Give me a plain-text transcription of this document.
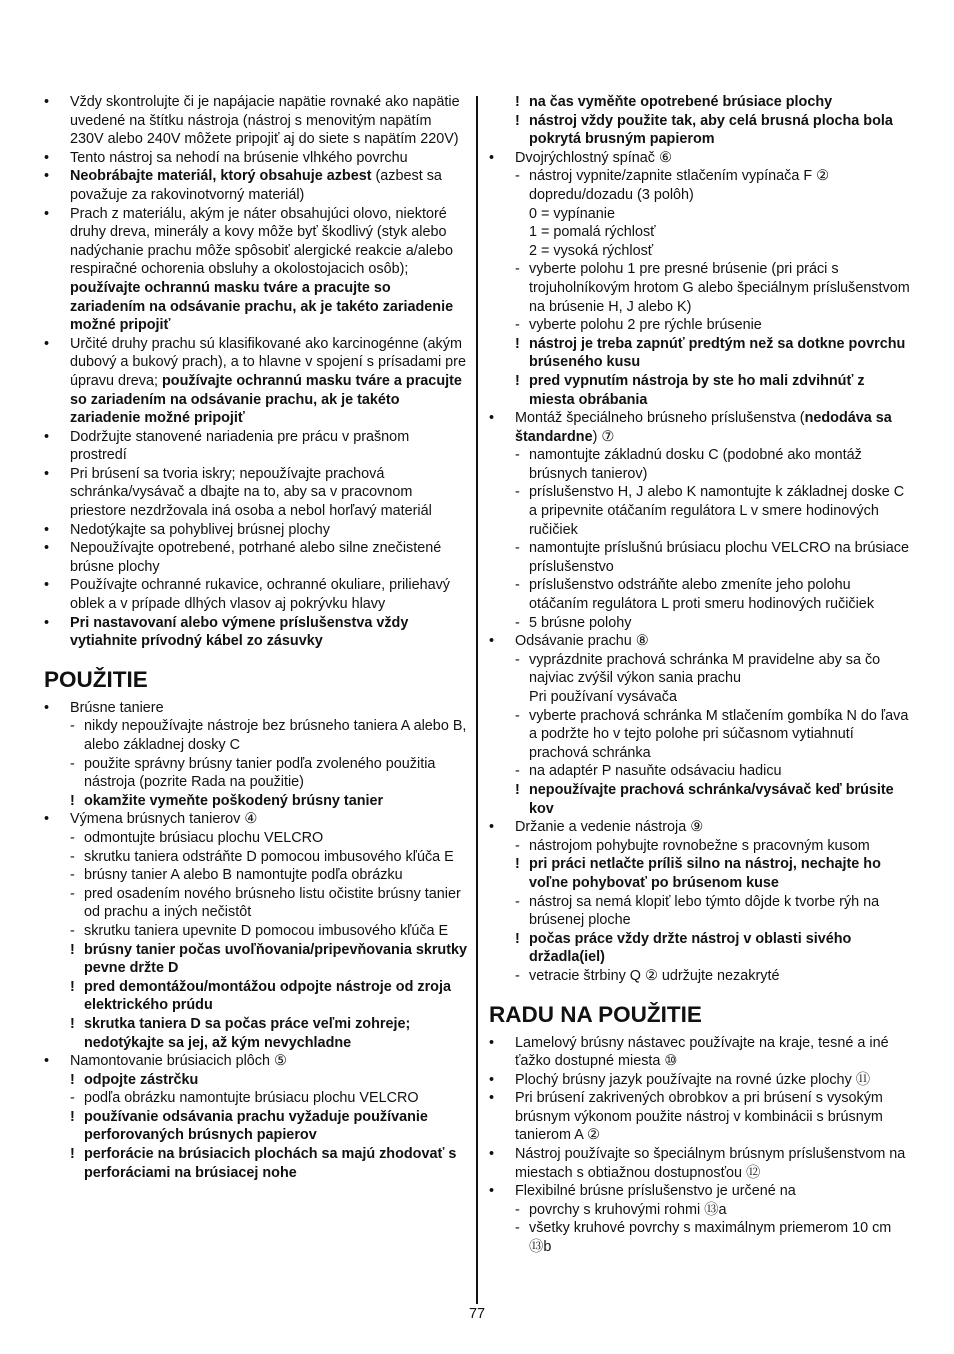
• Vždy skontrolujte či je napájacie napätie rovnaké ako napätie uvedené na štítku nástroja (nástroj s menovitým napätím 230V alebo 240V môžete pripojiť aj do siete s napätím 220V)
• Tento nástroj sa nehodí na brúsenie vlhkého povrchu
• Neobrábajte materiál, ktorý obsahuje azbest (azbest sa považuje za rakovinotvorný materiál)
• Prach z materiálu, akým je náter obsahujúci olovo, niektoré druhy dreva, minerály a kovy môže byť škodlivý (styk alebo nadýchanie prachu môže spôsobiť alergické reakcie a/alebo respiračné ochorenia obsluhy a okolostojacich osôb); používajte ochrannú masku tváre a pracujte so zariadením na odsávanie prachu, ak je takéto zariadenie možné pripojiť
• Určité druhy prachu sú klasifikované ako karcinogénne (akým dubový a bukový prach), a to hlavne v spojení s prísadami pre úpravu dreva; používajte ochrannú masku tváre a pracujte so zariadením na odsávanie prachu, ak je takéto zariadenie možné pripojiť
• Dodržujte stanovené nariadenia pre prácu v prašnom prostredí
• Pri brúsení sa tvoria iskry; nepoužívajte prachová schránka/vysávač a dbajte na to, aby sa v pracovnom priestore nezdržovala iná osoba a nebol horľavý materiál
• Nedotýkajte sa pohyblivej brúsnej plochy
• Nepoužívajte opotrebené, potrhané alebo silne znečistené brúsne plochy
• Používajte ochranné rukavice, ochranné okuliare, priliehavý oblek a v prípade dlhých vlasov aj pokrývku hlavy
• Pri nastavovaní alebo výmene príslušenstva vždy vytiahnite prívodný kábel zo zásuvky
POUŽITIE
• Brúsne taniere
- nikdy nepoužívajte nástroje bez brúsneho taniera A alebo B, alebo základnej dosky C
- použite správny brúsny tanier podľa zvoleného použitia nástroja (pozrite Rada na použitie)
! okamžite vymeňte poškodený brúsny tanier
• Výmena brúsnych tanierov ④
- odmontujte brúsiacu plochu VELCRO
- skrutku taniera odstráňte D pomocou imbusového kľúča E
- brúsny tanier A alebo B namontujte podľa obrázku
- pred osadením nového brúsneho listu očistite brúsny tanier od prachu a iných nečistôt
- skrutku taniera upevnite D pomocou imbusového kľúča E
! brúsny tanier počas uvoľňovania/pripevňovania skrutky pevne držte D
! pred demontážou/montážou odpojte nástroje od zroja elektrického prúdu
! skrutka taniera D sa počas práce veľmi zohreje; nedotýkajte sa jej, až kým nevychladne
• Namontovanie brúsiacich plôch ⑤
! odpojte zástrčku
- podľa obrázku namontujte brúsiacu plochu VELCRO
! používanie odsávania prachu vyžaduje používanie perforovaných brúsnych papierov
! perforácie na brúsiacich plochách sa majú zhodovať s perforáciami na brúsiacej nohe
! na čas vyměňte opotrebené brúsiace plochy
! nástroj vždy použite tak, aby celá brusná plocha bola pokrytá brusným papierom
• Dvojrýchlostný spínač ⑥
- nástroj vypnite/zapnite stlačením vypínača F ② dopredu/dozadu (3 polôh)
0 = vypínanie
1 = pomalá rýchlosť
2 = vysoká rýchlosť
- vyberte polohu 1 pre presné brúsenie (pri práci s trojuholníkovým hrotom G alebo špeciálnym príslušenstvom na brúsenie H, J alebo K)
- vyberte polohu 2 pre rýchle brúsenie
! nástroj je treba zapnúť predtým než sa dotkne povrchu brúseného kusu
! pred vypnutím nástroja by ste ho mali zdvihnúť z miesta obrábania
• Montáž špeciálneho brúsneho príslušenstva (nedodáva sa štandardne) ⑦
- namontujte základnú dosku C (podobné ako montáž brúsnych tanierov)
- príslušenstvo H, J alebo K namontujte k základnej doske C a pripevnite otáčaním regulátora L v smere hodinových ručičiek
- namontujte príslušnú brúsiacu plochu VELCRO na brúsiace príslušenstvo
- príslušenstvo odstráňte alebo zmeníte jeho polohu otáčaním regulátora L proti smeru hodinových ručičiek
- 5 brúsne polohy
• Odsávanie prachu ⑧
- vyprázdnite prachová schránka M pravidelne aby sa čo najviac zvýšil výkon sania prachu
Pri používaní vysávača
- vyberte prachová schránka M stlačením gombíka N do ľava a podržte ho v tejto polohe pri súčasnom vytiahnutí prachová schránka
- na adaptér P nasuňte odsávaciu hadicu
! nepoužívajte prachová schránka/vysávač keď brúsite kov
• Držanie a vedenie nástroja ⑨
- nástrojom pohybujte rovnobežne s pracovným kusom
! pri práci netlačte príliš silno na nástroj, nechajte ho voľne pohybovať po brúsenom kuse
- nástroj sa nemá klopiť lebo týmto dôjde k tvorbe rýh na brúsenej ploche
! počas práce vždy držte nástroj v oblasti sivého držadla(iel)
- vetracie štrbiny Q ② udržujte nezakryté
RADU NA POUŽITIE
• Lamelový brúsny nástavec používajte na kraje, tesné a iné ťažko dostupné miesta ⑩
• Plochý brúsny jazyk používajte na rovné úzke plochy ⑪
• Pri brúsení zakrivených obrobkov a pri brúsení s vysokým brúsnym výkonom použite nástroj v kombinácii s brúsnym tanierom A ②
• Nástroj používajte so špeciálnym brúsnym príslušenstvom na miestach s obtiažnou dostupnosťou ⑫
• Flexibilné brúsne príslušenstvo je určené na
- povrchy s kruhovými rohmi ⑬a
- všetky kruhové povrchy s maximálnym priemerom 10 cm ⑬b
77
